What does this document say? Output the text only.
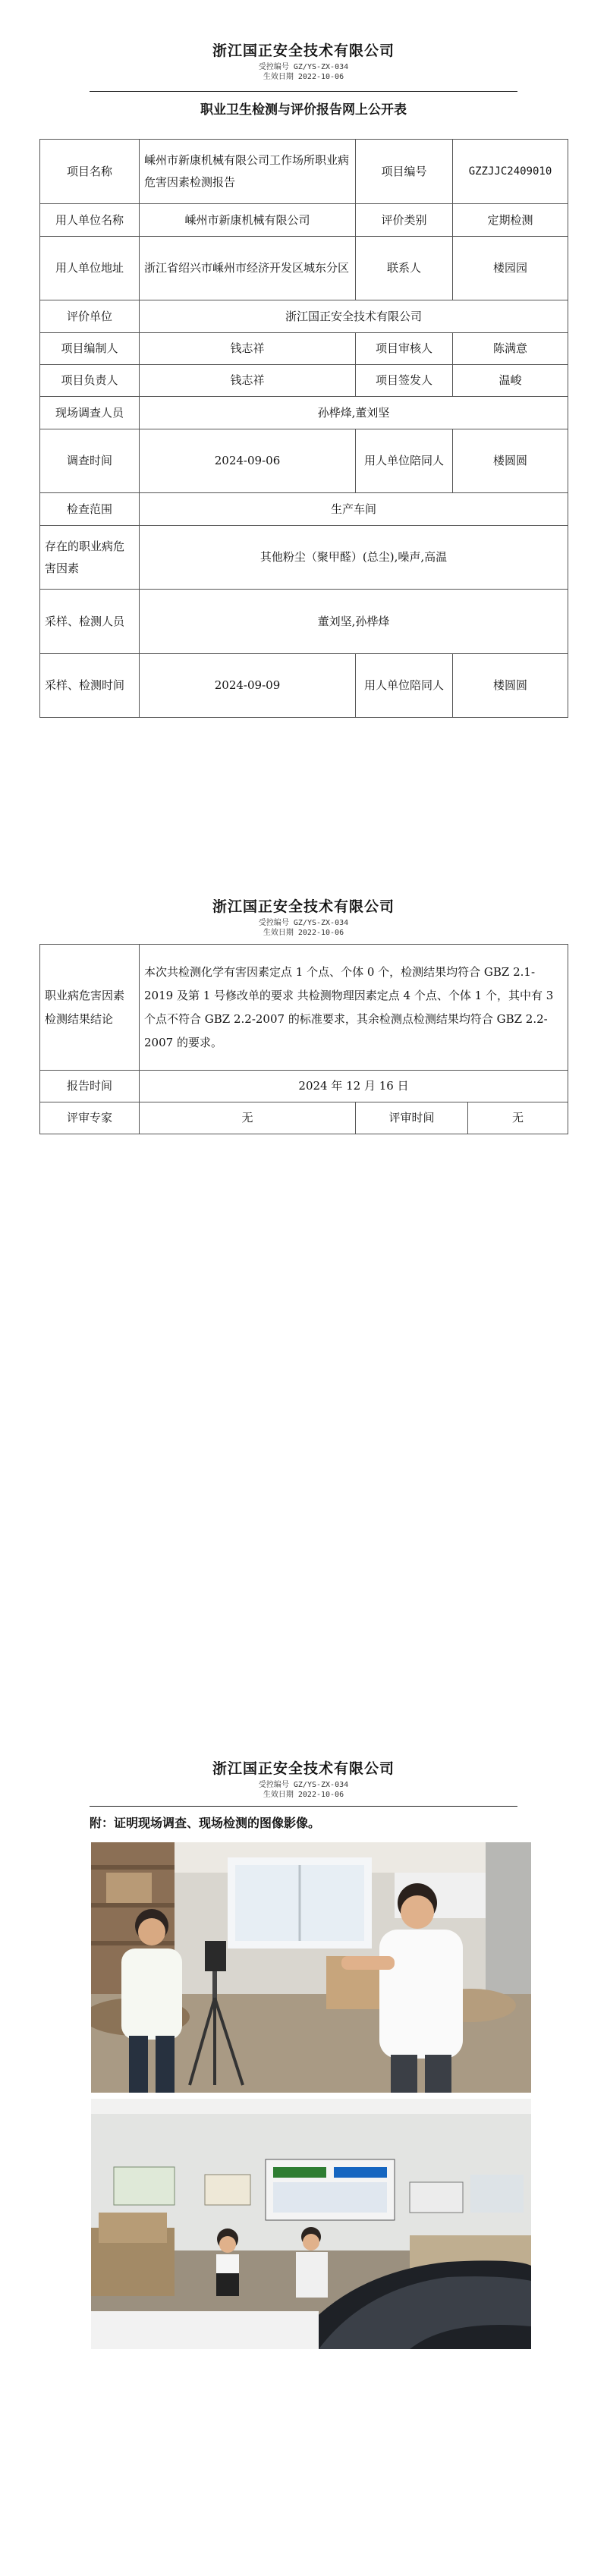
浙江国正安全技术有限公司
受控编号 GZ/YS-ZX-034
生效日期 2022-10-06
职业卫生检测与评价报告网上公开表
项目名称	嵊州市新康机械有限公司工作场所职业病危害因素检测报告	项目编号	GZZJJC2409010
用人单位名称	嵊州市新康机械有限公司	评价类别	定期检测
用人单位地址	浙江省绍兴市嵊州市经济开发区城东分区	联系人	楼园园
评价单位	浙江国正安全技术有限公司		
项目编制人	钱志祥	项目审核人	陈满意
项目负责人	钱志祥	项目签发人	温峻
现场调查人员	孙桦烽,董刘坚		
调查时间	2024-09-06	用人单位陪同人	楼圆圆
检查范围	生产车间		
存在的职业病危害因素	其他粉尘（聚甲醛）(总尘),噪声,高温		
采样、检测人员	董刘坚,孙桦烽		
采样、检测时间	2024-09-09	用人单位陪同人	楼圆圆
浙江国正安全技术有限公司
受控编号 GZ/YS-ZX-034
生效日期 2022-10-06
职业病危害因素检测结果结论	本次共检测化学有害因素定点 1 个点、个体 0 个，检测结果均符合 GBZ 2.1-2019 及第 1 号修改单的要求 共检测物理因素定点 4 个点、个体 1 个，其中有 3 个点不符合 GBZ 2.2-2007 的标准要求，其余检测点检测结果均符合 GBZ 2.2-2007 的要求。		
报告时间	2024 年 12 月 16 日		
评审专家	无	评审时间	无
浙江国正安全技术有限公司
受控编号 GZ/YS-ZX-034
生效日期 2022-10-06
附：证明现场调查、现场检测的图像影像。
